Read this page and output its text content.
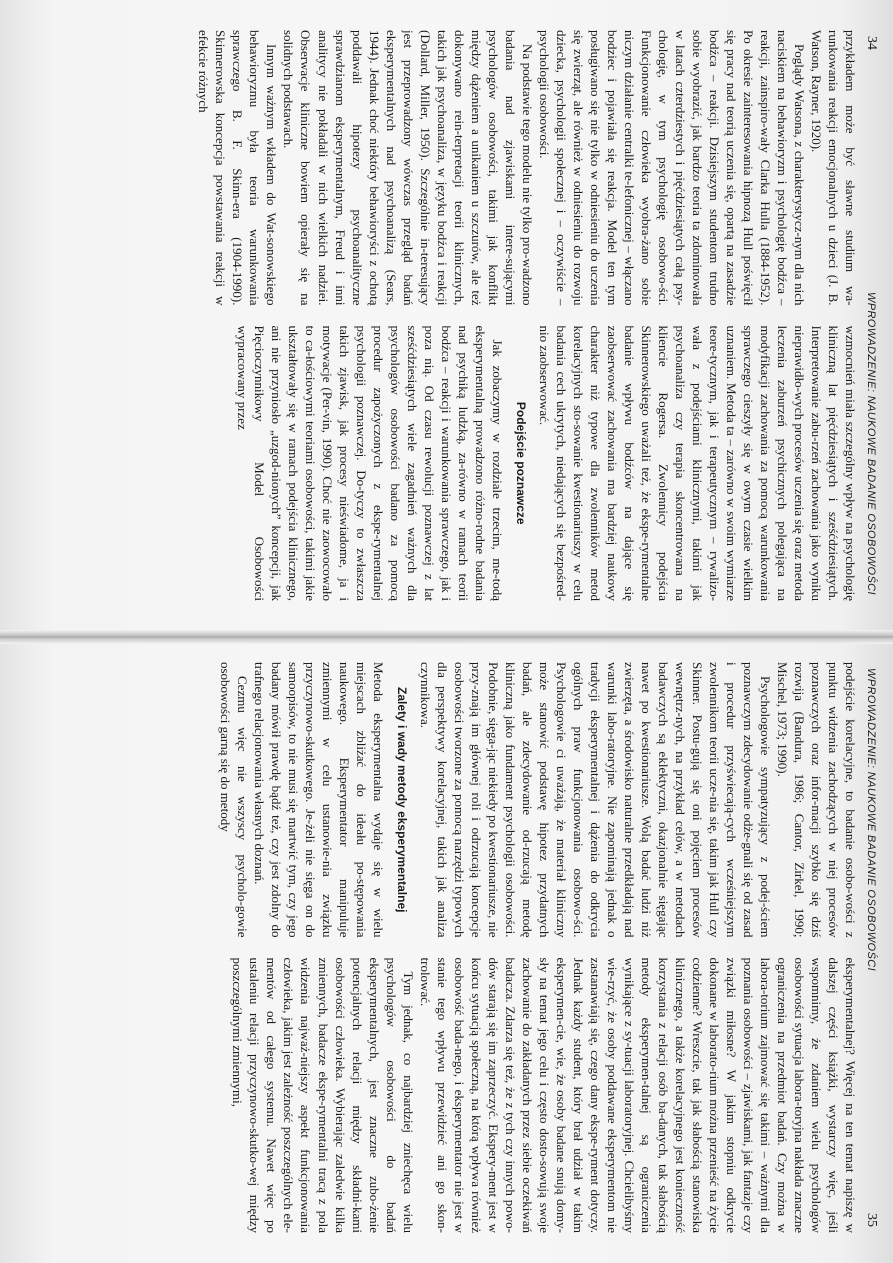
34
WPROWADZENIE: NAUKOWE BADANIE OSOBOWOŚCI

przykładem może być sławne studium wa-runkowania reakcji emocjonalnych u dzieci (J. B. Watson, Rayner, 1920).

Poglądy Watsona, z charakterystycz-nym dla nich naciskiem na behawioryzm i psychologię bodźca – reakcji, zainspiro-wały Clarka Hulla (1884-1952). Po okresie zainteresowania hipnozą Hull poświęcił się pracy nad teorią uczenia się, opartą na zasadzie bodźca – reakcji. Dzisiejszym studentom trudno sobie wyobrazić, jak bardzo teoria ta zdominowała w latach czterdziestych i pięćdziesiątych całą psy-chologię, w tym psychologię osobowo-ści. Funkcjonowanie człowieka wyobra-żano sobie niczym działanie centralki te-lefonicznej – włączano bodziec i pojawiała się reakcja. Model ten tym posługiwano się nie tylko w odniesieniu do uczenia się zwierząt, ale również w odniesieniu do rozwoju dziecka, psychologii społecznej i – oczywiście – psychologii osobowości.

Na podstawie tego modelu nie tylko pro-wadzono badania nad zjawiskami intere-sującymi psychologów osobowości, takimi jak konflikt między dążeniem a unikaniem u szczurów, ale też dokonywano rein-terpretacji teorii klinicznych, takich jak psychoanaliza, w języku bodźca i reakcji (Dollard, Miller, 1950). Szczególnie in-teresujący jest przeprowadzony wówczas przegląd badań eksperymentalnych nad psychoanalizą (Sears, 1944). Jednak choć niektóry behawioryści z ochotą poddawali hipotezy psychoanalityczne sprawdzianom eksperymentalnym, Freud i inni analitycy nie pokładali w nich wielkich nadziei. Obserwacje kliniczne bowiem opierały się na solidnych podstawach.

Innym ważnym wkładem do Wat-sonowskiego behawioryzmu była teoria warunkowania sprawczego B. F. Skinn-era (1904-1990). Skinnerowska koncepcja powstawania reakcji w efekcie różnych

wzmocnień miała szczególny wpływ na psychologię kliniczną lat pięćdziesiątych i sześćdziesiątych. Interpretowanie zabu-rzeń zachowania jako wyniku nieprawidło-wych procesów uczenia się oraz metoda leczenia zaburzeń psychicznych polegająca na modyfikacji zachowania za pomocą warunkowania sprawczego cieszyły się w owym czasie wielkim uznaniem. Metoda ta – zarówno w swoim wymiarze teore-tycznym, jak i terapeutycznym – rywalizo-wała z podejściami klinicznymi, takimi jak psychoanaliza czy terapia skoncentrowana na kliencie Rogersa. Zwolennicy podejścia Skinnerowskiego uważali też, że ekspe-rymentalne badanie wpływu bodźców na dające się zaobserwować zachowania ma bardziej naukowy charakter niż typowe dla zwolenników metod korelacyjnych sto-sowanie kwestionariuszy w celu badania cech ukrytych, niedających się bezpośred-nio zaobserwować.

Podejście poznawcze

Jak zobaczymy w rozdziale trzecim, me-todą eksperymentalną prowadzono różno-rodne badania nad psychiką ludzką, za-równo w ramach teorii bodźca – reakcji i warunkowania sprawczego, jak i poza nią. Od czasu rewolucji poznawczej z lat sześćdziesiątych wiele zagadnień ważnych dla psychologów osobowości badano za pomocą procedur zapożyczonych z ekspe-rymentalnej psychologii poznawczej. Do-tyczy to zwłaszcza takich zjawisk, jak procesy nieświadome, ja i motywacje (Per-vin, 1990). Choć nie zaowocowało to ca-łościowymi teoriami osobowości, takimi jakie ukształtowały się w ramach podejścia klinicznego, ani nie przyniosło „uzgod-nionych” koncepcji, jak Pięcioczynnikowy Model Osobowości wypracowany przez

WPROWADZENIE: NAUKOWE BADANIE OSOBOWOŚCI
35

podejście korelacyjne, to badanie osobo-wości z punktu widzenia zachodzących w niej procesów poznawczych oraz infor-macji szybko się dziś rozwija (Bandura, 1986; Cantor, Zirkel, 1990; Mischel, 1973; 1990).

Psychologowie sympatyzujący z podej-ściem poznawczym zdecydowanie odże-gnali się od zasad i procedur przyświecają-cych wcześniejszym zwolennikom teorii ucze-nia się, takim jak Hull czy Skinner. Postu-gują się oni pojęciem procesów wewnętrz-nych, na przykład celów, a w metodach badawczych są eklektyczni, okazjonalnie sięgając nawet po kwestionariusze. Wolą badać ludzi niż zwierzęta, a środowisko naturalne przedkładają nad warunki labo-ratoryjne. Nie zapominają jednak o tradycji eksperymentalnej i dążenia do odkrycia ogólnych praw funkcjonowania osobowo-ści. Psychologowie ci uważają, że materiał kliniczny może stanowić podstawę hipotez przydatnych badań, ale zdecydowanie od-rzucają metodę kliniczną jako fundament psychologii osobowości. Podobnie, sięga-jąc niekiedy po kwestionariusze, nie przy-znają im głównej roli i odrzucają koncepcje osobowości tworzone za pomocą narzędzi typowych dla perspektywy korelacyjnej, takich jak analiza czynnikowa.

Zalety i wady metody eksperymentalnej

Metoda eksperymentalna wydaje się w wielu miejscach zbliżać do ideału po-stępowania naukowego. Eksperymentator manipuluje zmiennymi w celu ustanowie-nia związku przyczynowo-skutkowego. Je-żeli nie sięga on do samoopisów, to nie musi się martwić tym, czy jego badany mówił prawdę bądź też, czy jest zdolny do trafnego relacjonowania własnych doznań.

Cezmu więc nie wszyscy psycholo-gowie osobowości garną się do metody

eksperymentalnej? Więcej na ten temat napiszę w dalszej części książki, wystarczy więc, jeśli wspomnimy, że zdaniem wielu psychologów osobowości sytuacja labora-toryjna nakłada znaczne ograniczenia na przedmiot badań. Czy można w labora-torium zajmować się takimi – ważnymi dla poznania osobowości – zjawiskami, jak fantazje czy związki miłosne? W jakim stopniu odkrycie dokonane w laborato-rium można przenieść na życie codzienne? Wreszcie, tak jak słabością stanowiska klinicznego, a także korelacyjnego jest konieczność korzystania z relacji osób ba-danych, tak słabością metody eksperymen-talnej są ograniczenia wynikające z sy-tuacji laboratoryjnej. Chcielibyśmy wie-rzyć, że osoby poddawane eksperymentom nie zastanawiają się, czego dany ekspe-ryment dotyczy. Jednak każdy student, który brał udział w takim eksperymen-cie, wie, że osoby badane snują domy-sły na temat jego celu i często dosto-sowują swoje zachowanie do zakładanych przez siebie oczekiwań badacza. Zdarza się też, że z tych czy innych powo-dów starają się im zaprzeczyć. Ekspery-ment jest w końcu sytuacją społeczną, na którą wpływa również osobowość bada-nego, i eksperymentator nie jest w stanie tego wpływu przewidzieć ani go skon-trolować.

Tym jednak, co najbardziej zniechęca wielu psychologów osobowości do badań eksperymentalnych, jest znaczne zubo-żenie potencjalnych relacji między składni-kami osobowości człowieka. Wybierając zaledwie kilka zmiennych, badacze ekspe-rymentalni tracą z pola widzenia najważ-niejszy aspekt funkcjonowania człowieka, jakim jest zależność poszczególnych ele-mentów od całego systemu. Nawet więc po ustaleniu relacji przyczynowo-skutko-wej między poszczególnymi zmiennymi,
